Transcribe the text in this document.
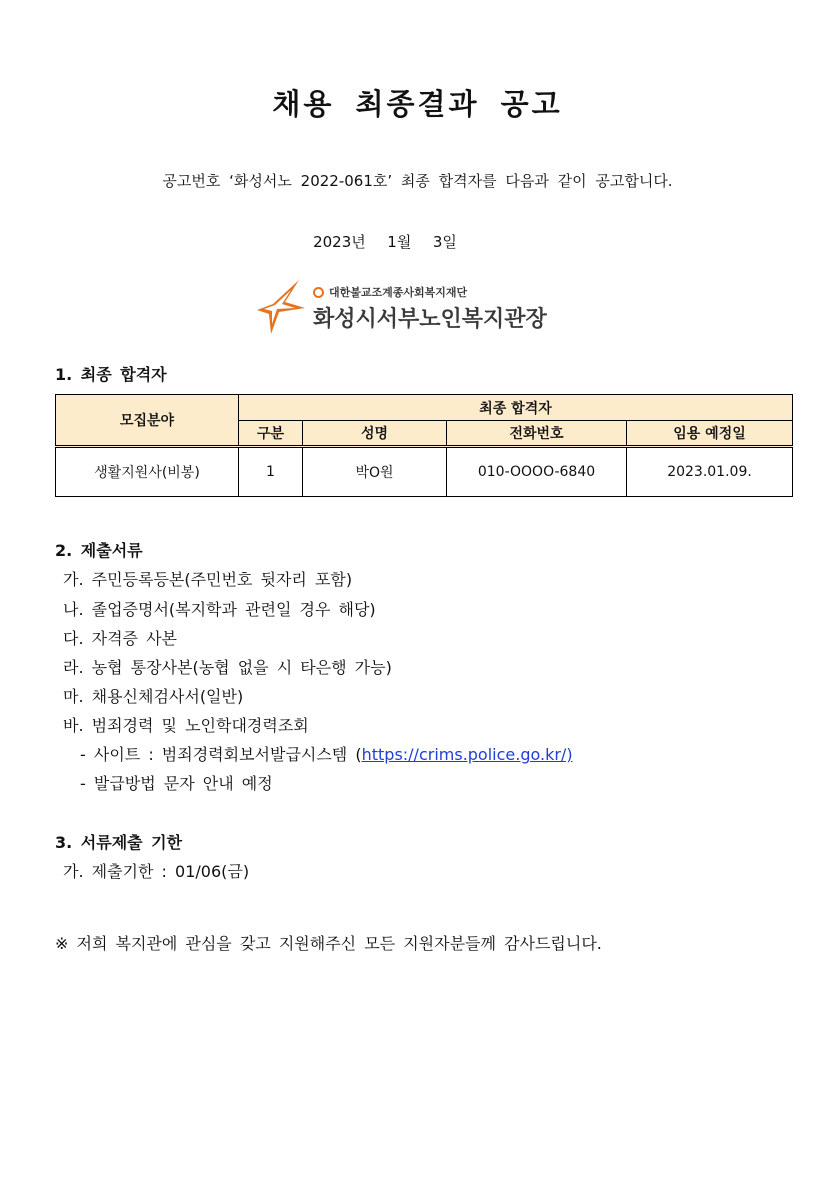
채용 최종결과 공고
공고번호 ‘화성서노 2022-061호’ 최종 합격자를 다음과 같이 공고합니다.
2023년  1월  3일
대한불교조계종사회복지재단
화성시서부노인복지관장
1. 최종 합격자
모집분야	최종 합격자			
	구분	성명	전화번호	임용 예정일
생활지원사(비봉)	1	박O원	010-OOOO-6840	2023.01.09.
2. 제출서류
가. 주민등록등본(주민번호 뒷자리 포함)
나. 졸업증명서(복지학과 관련일 경우 해당)
다. 자격증 사본
라. 농협 통장사본(농협 없을 시 타은행 가능)
마. 채용신체검사서(일반)
바. 범죄경력 및 노인학대경력조회
- 사이트 : 범죄경력회보서발급시스템 (https://crims.police.go.kr/)
- 발급방법 문자 안내 예정
3. 서류제출 기한
가. 제출기한 : 01/06(금)
※ 저희 복지관에 관심을 갖고 지원해주신 모든 지원자분들께 감사드립니다.
